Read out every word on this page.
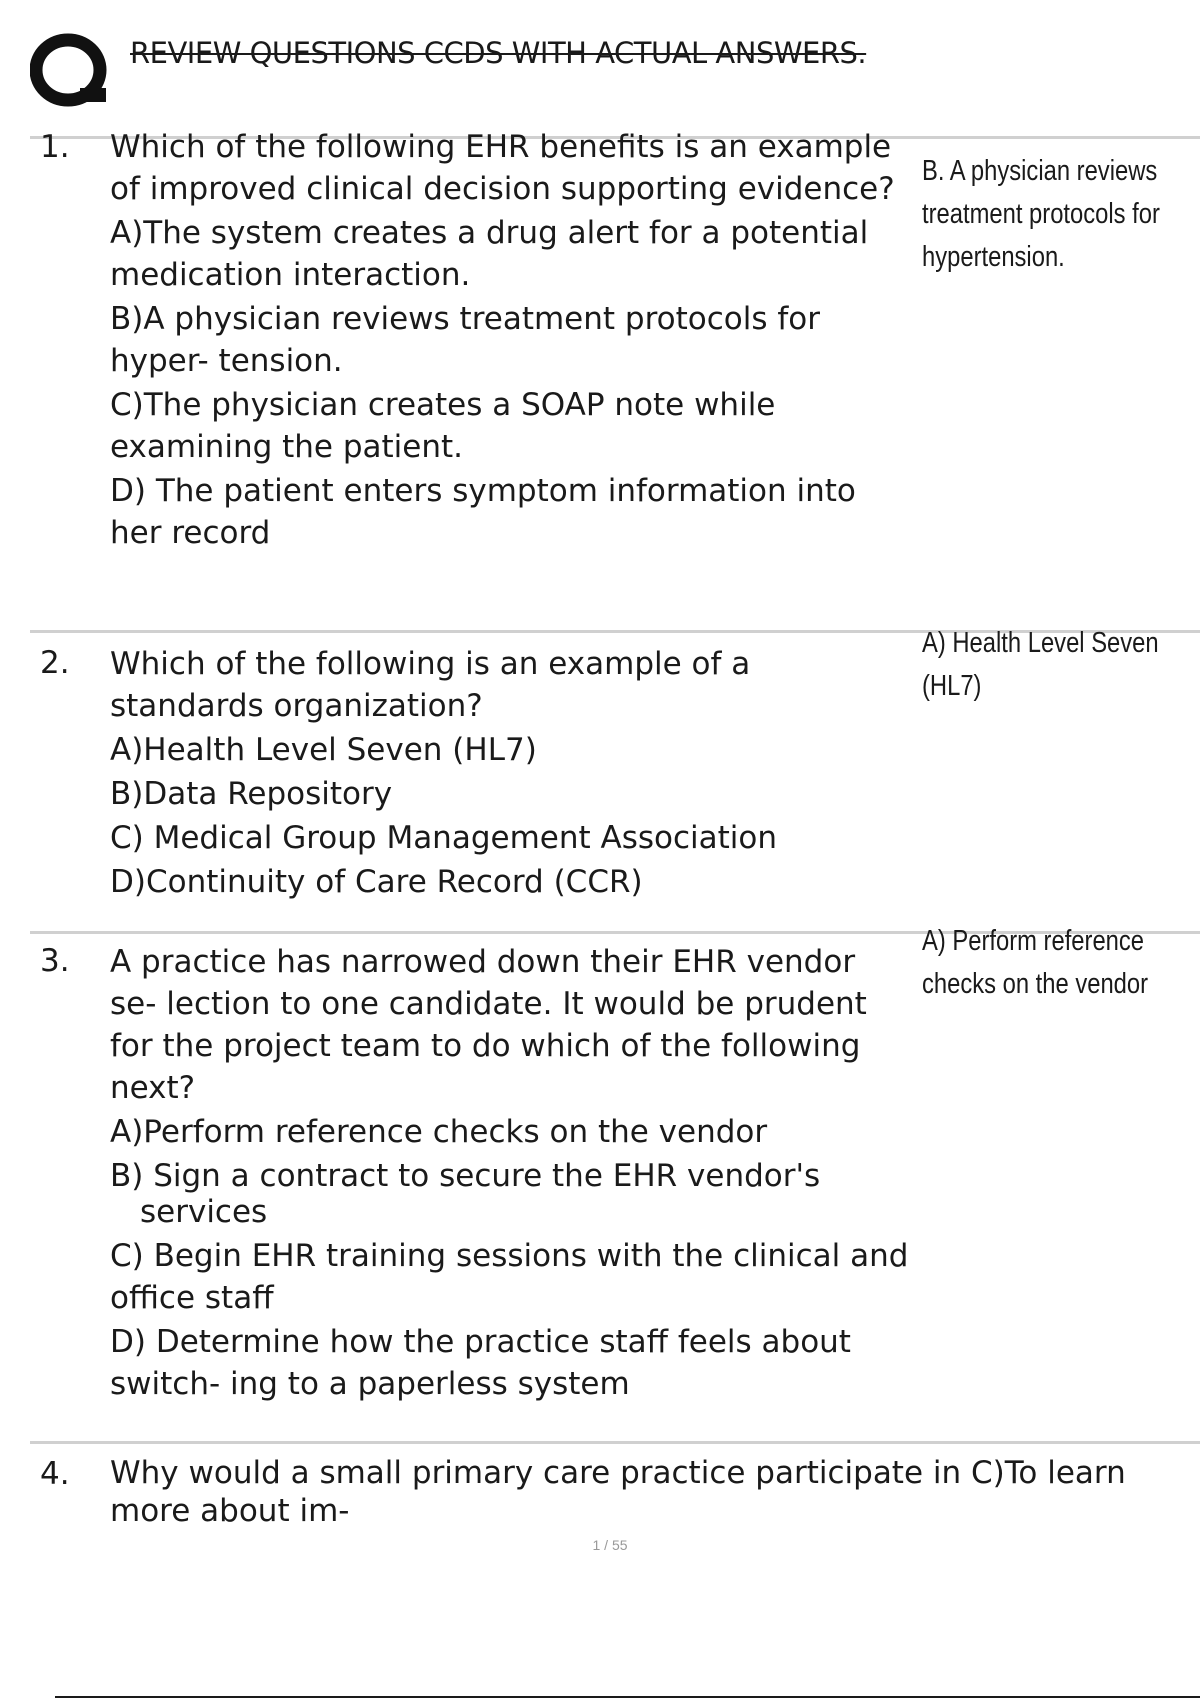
REVIEW QUESTIONS CCDS WITH ACTUAL ANSWERS.
1. Which of the following EHR benefits is an example of improved clinical decision supporting evidence?

A)The system creates a drug alert for a potential medication interaction.

B)A physician reviews treatment protocols for hyper- tension.

C)The physician creates a SOAP note while examining the patient.

D) The patient enters symptom information into her record

B. A physician reviews treatment protocols for hypertension.
2. Which of the following is an example of a standards organization?

A)Health Level Seven (HL7)

B)Data Repository

C) Medical Group Management Association

D)Continuity of Care Record (CCR)

A) Health Level Seven (HL7)
3. A practice has narrowed down their EHR vendor se- lection to one candidate. It would be prudent for the project team to do which of the following next?

A)Perform reference checks on the vendor

B) Sign a contract to secure the EHR vendor's

services

C) Begin EHR training sessions with the clinical and office staff

D) Determine how the practice staff feels about switch- ing to a paperless system

A) Perform reference checks on the vendor
4. Why would a small primary care practice participate in C)To learn more about im-

1 / 55
